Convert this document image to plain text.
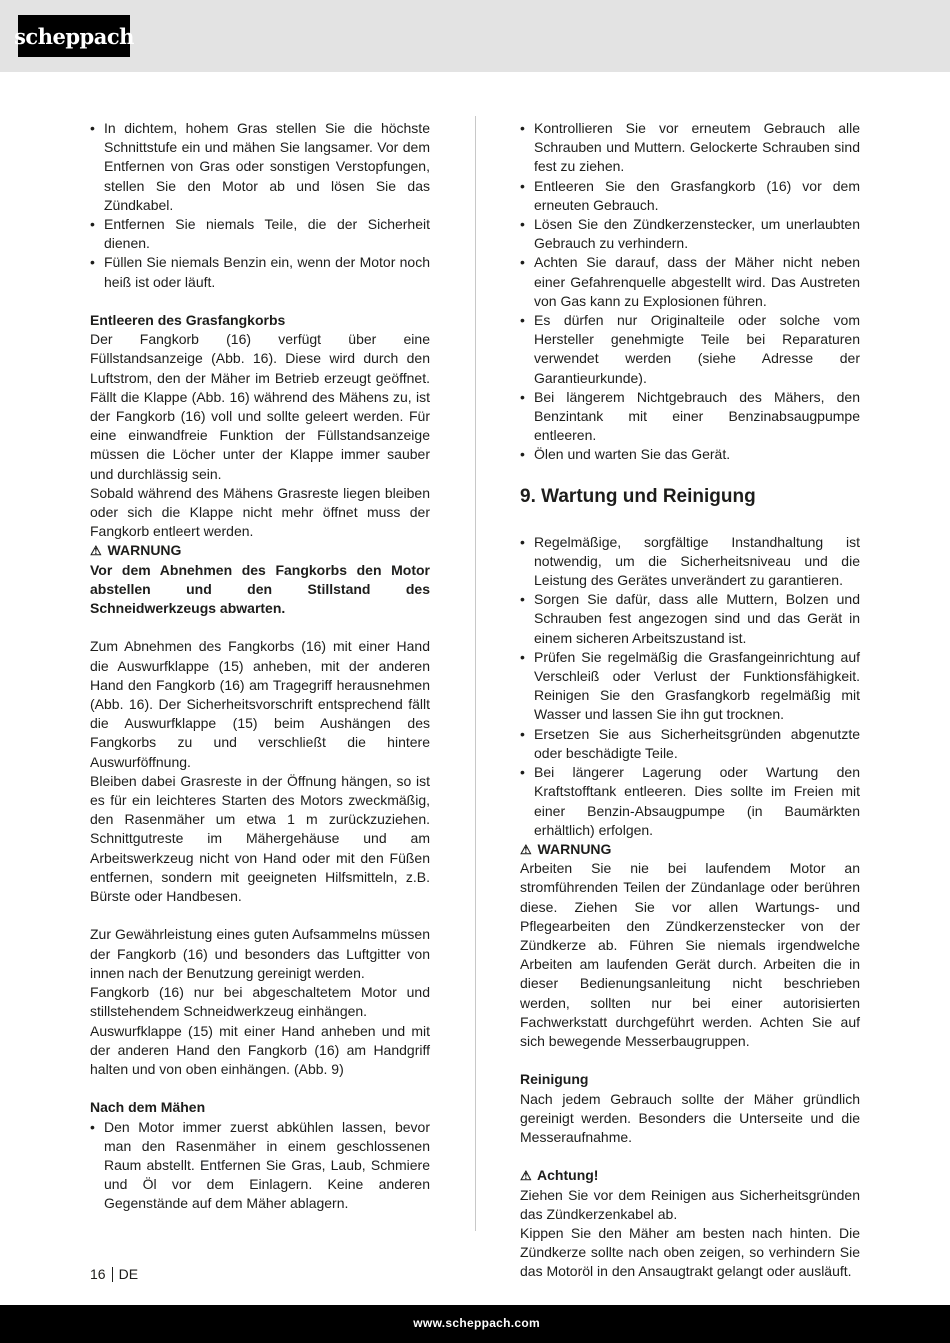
scheppach
• In dichtem, hohem Gras stellen Sie die höchste Schnittstufe ein und mähen Sie langsamer. Vor dem Entfernen von Gras oder sonstigen Verstopfungen, stellen Sie den Motor ab und lösen Sie das Zündkabel.
• Entfernen Sie niemals Teile, die der Sicherheit dienen.
• Füllen Sie niemals Benzin ein, wenn der Motor noch heiß ist oder läuft.

Entleeren des Grasfangkorbs

Der Fangkorb (16) verfügt über eine Füllstandsanzeige (Abb. 16). Diese wird durch den Luftstrom, den der Mäher im Betrieb erzeugt geöffnet. Fällt die Klappe (Abb. 16) während des Mähens zu, ist der Fangkorb (16) voll und sollte geleert werden. Für eine einwandfreie Funktion der Füllstandsanzeige müssen die Löcher unter der Klappe immer sauber und durchlässig sein.

Sobald während des Mähens Grasreste liegen bleiben oder sich die Klappe nicht mehr öffnet muss der Fangkorb entleert werden.

⚠ WARNUNG

Vor dem Abnehmen des Fangkorbs den Motor abstellen und den Stillstand des Schneidwerkzeugs abwarten.

Zum Abnehmen des Fangkorbs (16) mit einer Hand die Auswurfklappe (15) anheben, mit der anderen Hand den Fangkorb (16) am Tragegriff herausnehmen (Abb. 16). Der Sicherheitsvorschrift entsprechend fällt die Auswurfklappe (15) beim Aushängen des Fangkorbs zu und verschließt die hintere Auswurföffnung.

Bleiben dabei Grasreste in der Öffnung hängen, so ist es für ein leichteres Starten des Motors zweckmäßig, den Rasenmäher um etwa 1 m zurückzuziehen. Schnittgutreste im Mähergehäuse und am Arbeitswerkzeug nicht von Hand oder mit den Füßen entfernen, sondern mit geeigneten Hilfsmitteln, z.B. Bürste oder Handbesen.

Zur Gewährleistung eines guten Aufsammelns müssen der Fangkorb (16) und besonders das Luftgitter von innen nach der Benutzung gereinigt werden.

Fangkorb (16) nur bei abgeschaltetem Motor und stillstehendem Schneidwerkzeug einhängen.

Auswurfklappe (15) mit einer Hand anheben und mit der anderen Hand den Fangkorb (16) am Handgriff halten und von oben einhängen. (Abb. 9)

Nach dem Mähen

• Den Motor immer zuerst abkühlen lassen, bevor man den Rasenmäher in einem geschlossenen Raum abstellt. Entfernen Sie Gras, Laub, Schmiere und Öl vor dem Einlagern. Keine anderen Gegenstände auf dem Mäher ablagern.
• Kontrollieren Sie vor erneutem Gebrauch alle Schrauben und Muttern. Gelockerte Schrauben sind fest zu ziehen.
• Entleeren Sie den Grasfangkorb (16) vor dem erneuten Gebrauch.
• Lösen Sie den Zündkerzenstecker, um unerlaubten Gebrauch zu verhindern.
• Achten Sie darauf, dass der Mäher nicht neben einer Gefahrenquelle abgestellt wird. Das Austreten von Gas kann zu Explosionen führen.
• Es dürfen nur Originalteile oder solche vom Hersteller genehmigte Teile bei Reparaturen verwendet werden (siehe Adresse der Garantieurkunde).
• Bei längerem Nichtgebrauch des Mähers, den Benzintank mit einer Benzinabsaugpumpe entleeren.
• Ölen und warten Sie das Gerät.
9. Wartung und Reinigung
• Regelmäßige, sorgfältige Instandhaltung ist notwendig, um die Sicherheitsniveau und die Leistung des Gerätes unverändert zu garantieren.
• Sorgen Sie dafür, dass alle Muttern, Bolzen und Schrauben fest angezogen sind und das Gerät in einem sicheren Arbeitszustand ist.
• Prüfen Sie regelmäßig die Grasfangeinrichtung auf Verschleiß oder Verlust der Funktionsfähigkeit. Reinigen Sie den Grasfangkorb regelmäßig mit Wasser und lassen Sie ihn gut trocknen.
• Ersetzen Sie aus Sicherheitsgründen abgenutzte oder beschädigte Teile.
• Bei längerer Lagerung oder Wartung den Kraftstofftank entleeren. Dies sollte im Freien mit einer Benzin-Absaugpumpe (in Baumärkten erhältlich) erfolgen.

⚠ WARNUNG

Arbeiten Sie nie bei laufendem Motor an stromführenden Teilen der Zündanlage oder berühren diese. Ziehen Sie vor allen Wartungs- und Pflegearbeiten den Zündkerzenstecker von der Zündkerze ab. Führen Sie niemals irgendwelche Arbeiten am laufenden Gerät durch. Arbeiten die in dieser Bedienungsanleitung nicht beschrieben werden, sollten nur bei einer autorisierten Fachwerkstatt durchgeführt werden. Achten Sie auf sich bewegende Messerbaugruppen.

Reinigung

Nach jedem Gebrauch sollte der Mäher gründlich gereinigt werden. Besonders die Unterseite und die Messeraufnahme.

⚠ Achtung!

Ziehen Sie vor dem Reinigen aus Sicherheitsgründen das Zündkerzenkabel ab.

Kippen Sie den Mäher am besten nach hinten. Die Zündkerze sollte nach oben zeigen, so verhindern Sie das Motoröl in den Ansaugtrakt gelangt oder ausläuft.

16 DE
www.scheppach.com
